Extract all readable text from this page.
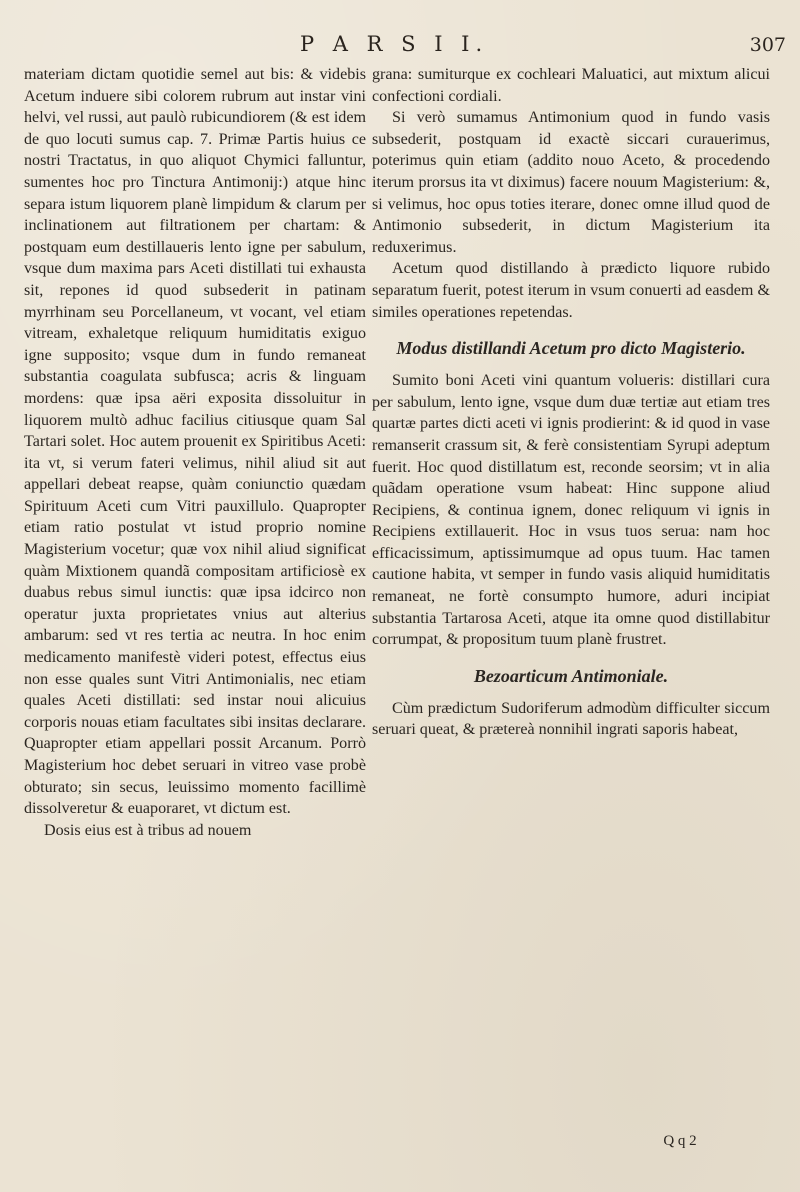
P A R S I I.	307

materiam dictam quotidie semel aut bis: & videbis Acetum induere sibi colorem rubrum aut instar vini helvi, vel russi, aut paulò rubicundiorem (& est idem de quo locuti sumus cap. 7. Primæ Partis huius ce nostri Tractatus, in quo aliquot Chymici falluntur, sumentes hoc pro Tinctura Antimonij:) atque hinc separa istum liquorem planè limpidum & clarum per inclinationem aut filtrationem per chartam: & postquam eum destillaueris lento igne per sabulum, vsque dum maxima pars Aceti distillati tui exhausta sit, repones id quod subsederit in patinam myrrhinam seu Porcellaneum, vt vocant, vel etiam vitream, exhaletque reliquum humiditatis exiguo igne supposito; vsque dum in fundo remaneat substantia coagulata subfusca; acris & linguam mordens: quæ ipsa aëri exposita dissoluitur in liquorem multò adhuc facilius citiusque quam Sal Tartari solet. Hoc autem prouenit ex Spiritibus Aceti: ita vt, si verum fateri velimus, nihil aliud sit aut appellari debeat reapse, quàm coniunctio quædam Spirituum Aceti cum Vitri pauxillulo. Quapropter etiam ratio postulat vt istud proprio nomine Magisterium vocetur; quæ vox nihil aliud significat quàm Mixtionem quandã compositam artificiosè ex duabus rebus simul iunctis: quæ ipsa idcirco non operatur juxta proprietates vnius aut alterius ambarum: sed vt res tertia ac neutra. In hoc enim medicamento manifestè videri potest, effectus eius non esse quales sunt Vitri Antimonialis, nec etiam quales Aceti distillati: sed instar noui alicuius corporis nouas etiam facultates sibi insitas declarare. Quapropter etiam appellari possit Arcanum. Porrò Magisterium hoc debet seruari in vitreo vase probè obturato; sin secus, leuissimo momento facillimè dissolveretur & euaporaret, vt dictum est.

Dosis eius est à tribus ad nouem

grana: sumiturque ex cochleari Maluatici, aut mixtum alicui confectioni cordiali.

Si verò sumamus Antimonium quod in fundo vasis subsederit, postquam id exactè siccari curauerimus, poterimus quin etiam (addito nouo Aceto, & procedendo iterum prorsus ita vt diximus) facere nouum Magisterium: &, si velimus, hoc opus toties iterare, donec omne illud quod de Antimonio subsederit, in dictum Magisterium ita reduxerimus.

Acetum quod distillando à prædicto liquore rubido separatum fuerit, potest iterum in vsum conuerti ad easdem & similes operationes repetendas.

Modus distillandi Acetum pro dicto Magisterio.

Sumito boni Aceti vini quantum volueris: distillari cura per sabulum, lento igne, vsque dum duæ tertiæ aut etiam tres quartæ partes dicti aceti vi ignis prodierint: & id quod in vase remanserit crassum sit, & ferè consistentiam Syrupi adeptum fuerit. Hoc quod distillatum est, reconde seorsim; vt in alia quãdam operatione vsum habeat: Hinc suppone aliud Recipiens, & continua ignem, donec reliquum vi ignis in Recipiens extillauerit. Hoc in vsus tuos serua: nam hoc efficacissimum, aptissimumque ad opus tuum. Hac tamen cautione habita, vt semper in fundo vasis aliquid humiditatis remaneat, ne fortè consumpto humore, aduri incipiat substantia Tartarosa Aceti, atque ita omne quod distillabitur corrumpat, & propositum tuum planè frustret.

Bezoarticum Antimoniale.

Cùm prædictum Sudoriferum admodùm difficulter siccum seruari queat, & prætereà nonnihil ingrati saporis habeat,

Q q 2
